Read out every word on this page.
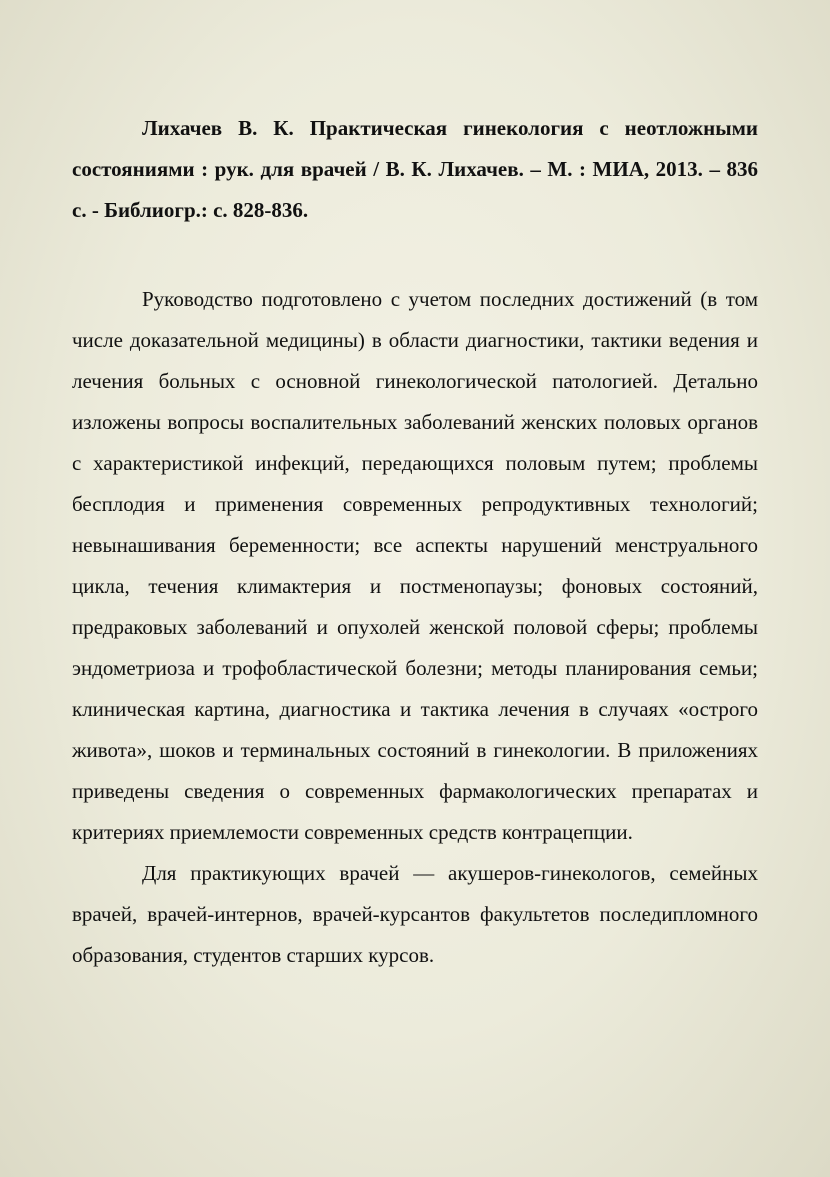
Лихачев В. К. Практическая гинекология с неотложными состояниями : рук. для врачей / В. К. Лихачев. – М. : МИА, 2013. – 836 с. - Библиогр.: с. 828-836.

Руководство подготовлено с учетом последних достижений (в том числе доказательной медицины) в области диагностики, тактики ведения и лечения больных с основной гинекологической патологией. Детально изложены вопросы воспалительных заболеваний женских половых органов с характеристикой инфекций, передающихся половым путем; проблемы бесплодия и применения современных репродуктивных технологий; невынашивания беременности; все аспекты нарушений менструального цикла, течения климактерия и постменопаузы; фоновых состояний, предраковых заболеваний и опухолей женской половой сферы; проблемы эндометриоза и трофобластической болезни; методы планирования семьи; клиническая картина, диагностика и тактика лечения в случаях «острого живота», шоков и терминальных состояний в гинекологии. В приложениях приведены сведения о современных фармакологических препаратах и критериях приемлемости современных средств контрацепции.

Для практикующих врачей — акушеров-гинекологов, семейных врачей, врачей-интернов, врачей-курсантов факультетов последипломного образования, студентов старших курсов.
